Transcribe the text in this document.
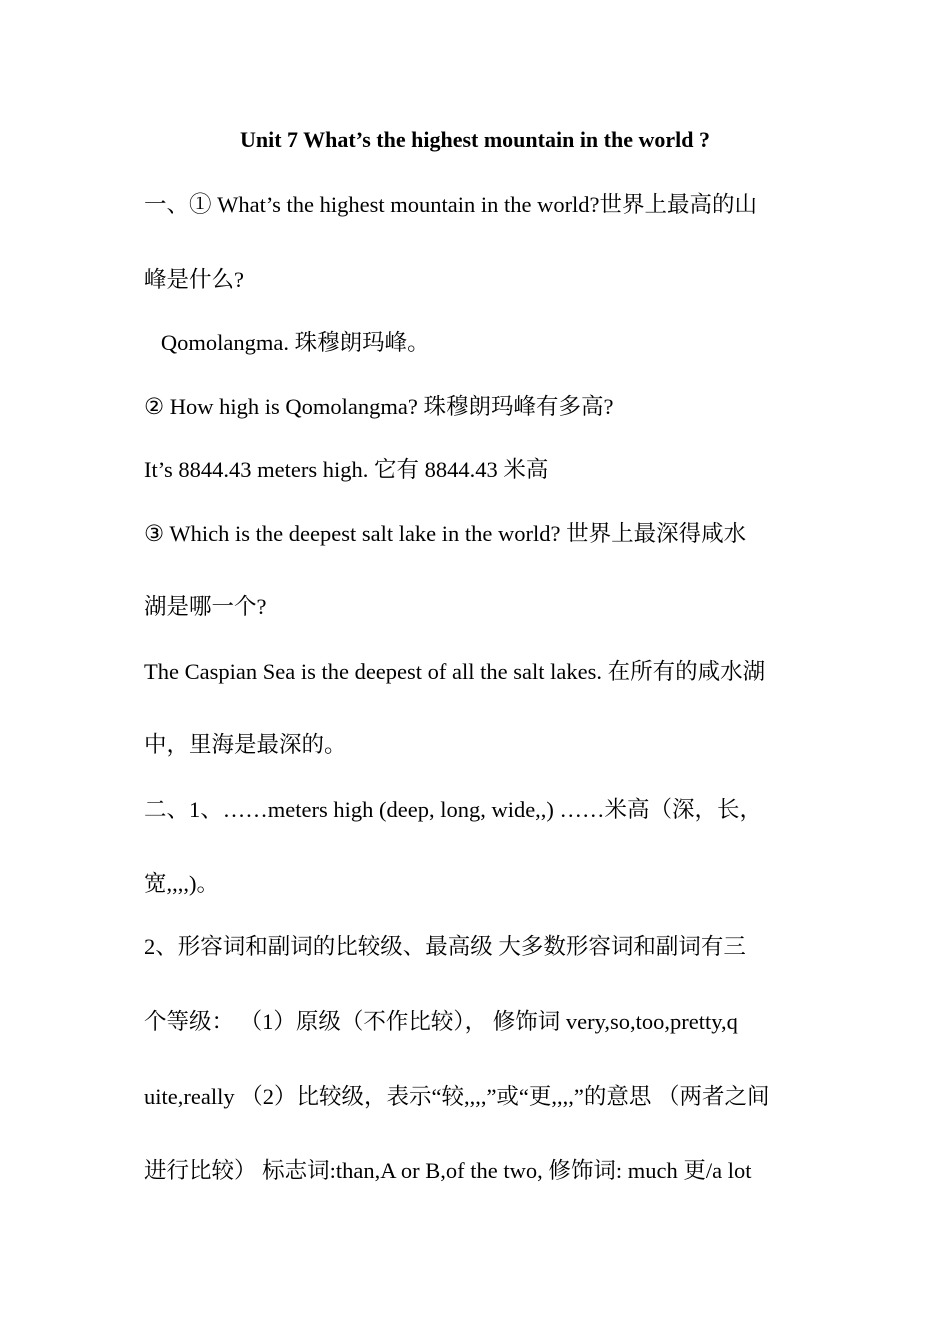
Unit 7 What’s the highest mountain in the world ?
一、① What’s the highest mountain in the world?世界上最高的山
峰是什么?
Qomolangma. 珠穆朗玛峰。
② How high is Qomolangma? 珠穆朗玛峰有多高?
It’s 8844.43 meters high. 它有 8844.43 米高
③ Which is the deepest salt lake in the world? 世界上最深得咸水
湖是哪一个?
The Caspian Sea is the deepest of all the salt lakes. 在所有的咸水湖
中，里海是最深的。
二、1、……meters high (deep, long, wide,,) ……米高（深，长，
宽,,,,)。
2、形容词和副词的比较级、最高级 大多数形容词和副词有三
个等级： （1）原级（不作比较）， 修饰词 very,so,too,pretty,q
uite,really （2）比较级，表示“较,,,,”或“更,,,,”的意思 （两者之间
进行比较） 标志词:than,A or B,of the two, 修饰词: much 更/a lot
